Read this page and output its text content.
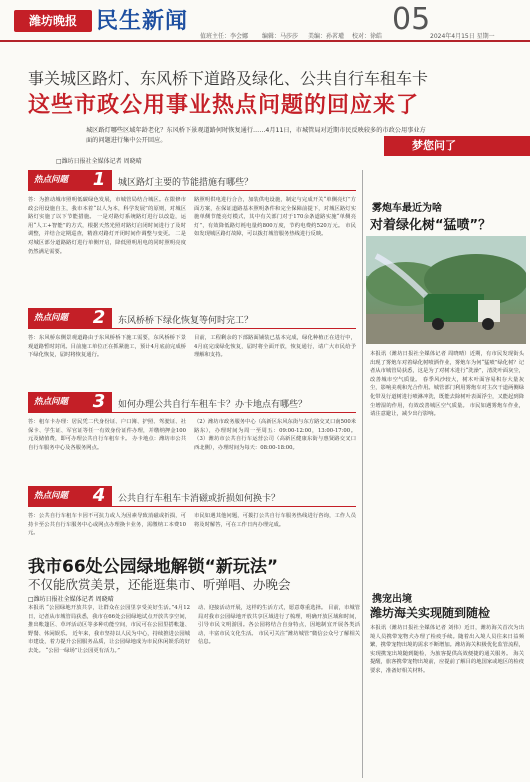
潍坊晚报 民生新闻	05
值班主任：李会娜 编辑：马莎莎 美编：孙茗瓘 校对：徐皓	2024年4月15日 星期一
事关城区路灯、东风桥下道路及绿化、公共自行车租车卡
这些市政公用事业热点问题的回应来了
城区路灯哪些区域年龄老化？东风桥下景观道路何时恢复通行……4月11日，市城管局对近期市民反映较多的市政公用事业方面的问题进行集中公开回应。	梦您问了
□潍坊日报社全媒体记者 周晓晴
热点问题	1	城区路灯主要的节能措施有哪些？
答：为推动城市照明低碳绿色发展，市城管局结合城区。在限修市政公用设施自主，我市本着“以人为本，科学发展”的原则，对城区路灯实施了以下节能措施。 一是对路灯系统路灯进行以改造，运用“人工+智能”的方式，根据天然光照对路灯启闭时间进行了及时调整，并结合定期巡查，精准对路灯开闭时间作调整与变更。 二是对城区部分道路路灯进行单侧开启，降低照明用电的同时照明亮度仍然满足需要。
路照明供电进行合合，加装供电设施，制定与完成开关“单侧亮灯”方面方案，在保证道路基本照明条件和完全保障前提下，对城区路灯实施单侧节能亮灯模式，其中有关部门对于170余条道路实施“单侧亮灯”，有效降低路灯耗电量约800万度，节约电费约520万元。 市民如发现城区路灯故障，可以拨打城管服务热线进行反映。
热点问题	2	东风桥桥下绿化恢复等何时完工？
答：东风桥东侧景观道路由于东风桥桥下施工需要，东风桥桥下景观道路暂时封闭。目前施工单位正在抓紧施工，预计4月底前完成桥下绿化恢复，届时将恢复通行。
目前，工程剩余的下部路面铺装已基本完成，绿化种植正在进行中，4月底完成绿化恢复，届时将全面开放，恢复通行，请广大市民给予理解和支持。
热点问题	3	如何办理公共自行车租车卡？办卡地点有哪些？
答：租车卡办理：居民凭二代身份证、户口簿、护照、驾驶证、社保卡、学生证、军官证等任一有效身份证件办理，并缴纳押金100元及储值费，即可办理公共自行车租车卡。 办卡地点：潍坊市公共自行车服务中心及各服务网点。
（2）潍坊市政务服务中心（高新区东风东街与东方路交叉口南500米路东），办理时间为周一至周五：09:00-12:00，13:00-17:00。 （3）潍坊市公共自行车运营公司（高新区健康东街与惠贤路交叉口西北侧），办理时间为每天：08:00-18:00。
热点问题	4	公共自行车租车卡消磁或折损如何换卡？
答：公共自行车租车卡因不可抗力或人为因素导致消磁或折损，可持卡至公共自行车服务中心或网点办理换卡业务，需缴纳工本费10元。
市民如遇其他问题，可拨打公共自行车服务热线进行咨询，工作人员将及时解答，可在工作日内办理完成。
雾炮车最近为啥
对着绿化树“猛喷”？
本报讯（潍坊日报社全媒体记者 周晓晴）近期，有市民发现街头出现了雾炮车对着绿化树喷洒作业，雾炮车为何“猛喷”绿化树？记者从市城管局获悉，这是为了对树木进行“洗澡”，清洗叶面灰尘，改善城市空气质量。 春季风沙较大，树木叶面容易积存大量灰尘，影响美观和光合作用。城管部门利用雾炮车对主次干道两侧绿化带及行道树进行喷淋冲洗，既能去除树叶表面浮尘，又能起到降尘增湿的作用，有效改善城区空气质量。 市民如遇雾炮车作业，请注意避让，减少出行影响。
携宠出境
潍坊海关实现随到随检
本报讯（潍坊日报社全媒体记者 刘伟）近日，潍坊海关首次为出境人员携带宠物犬办理了检疫手续。随着出入境人员往来日益频繁，携带宠物出境的需求不断增加。潍坊海关积极优化监管流程，实现携宠出境随到随检，为旅客提供高效便捷的通关服务。 海关提醒，旅客携带宠物出境前，应提前了解目的地国家或地区的检疫要求，准备好相关材料。
我市66处公园绿地解锁“新玩法”
不仅能欣赏美景，还能逛集市、听弹唱、办晚会
□潍坊日报社全媒体记者 周晓晴
本报讯 “公园绿地开放共享，让群众在公园里享受美好生活。”4月12日，记者从市城管局获悉，我市在66处公园绿地试点开放共享空间，推出帐篷区、草坪活动区等多种功能空间，市民可在公园里搭帐篷、野餐、休闲娱乐。 近年来，我市坚持以人民为中心，持续推进公园城市建设，着力提升公园服务品质，让公园绿地成为市民休闲娱乐的好去处。 “公园一绿场”让公园更有活力。”
动、迎接活动开展，这样的生活方式，愿意尊重选择。 目前，市城管局对我市公园绿地开放共享区域进行了梳理，明确开放区域和时间，引导市民文明游园。各公园将结合自身特点，因地制宜开展各类活动，丰富市民文化生活。 市民可关注“潍坊城管”微信公众号了解相关信息。
